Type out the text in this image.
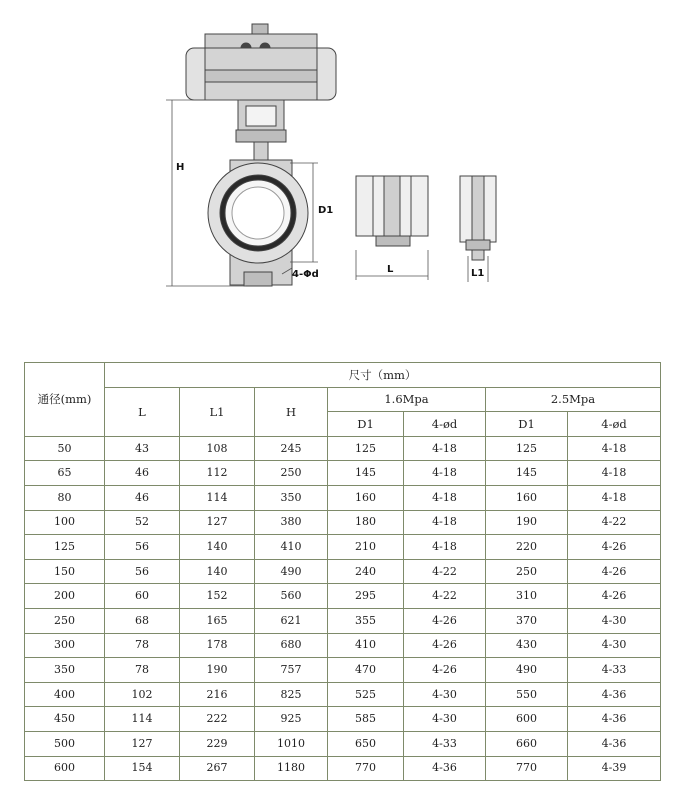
H
D1
4-Φd	L	L1
通径(mm)	尺寸（mm）						
	L	L1	H	1.6Mpa		2.5Mpa	
				D1	4-ød	D1	4-ød
50	43	108	245	125	4-18	125	4-18
65	46	112	250	145	4-18	145	4-18
80	46	114	350	160	4-18	160	4-18
100	52	127	380	180	4-18	190	4-22
125	56	140	410	210	4-18	220	4-26
150	56	140	490	240	4-22	250	4-26
200	60	152	560	295	4-22	310	4-26
250	68	165	621	355	4-26	370	4-30
300	78	178	680	410	4-26	430	4-30
350	78	190	757	470	4-26	490	4-33
400	102	216	825	525	4-30	550	4-36
450	114	222	925	585	4-30	600	4-36
500	127	229	1010	650	4-33	660	4-36
600	154	267	1180	770	4-36	770	4-39
